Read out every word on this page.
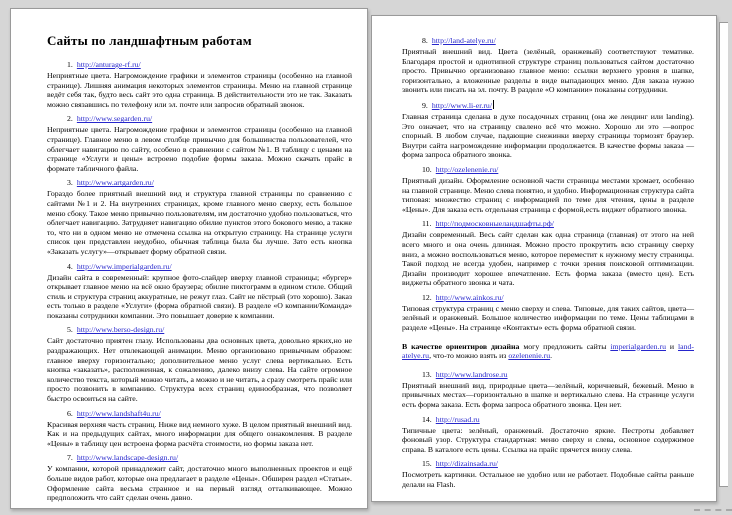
Сайты по ландшафтным работам
1. http://anturage-rf.ru/
Неприятные цвета. Нагромождение графики и элементов страницы (особенно на главной странице). Лишняя анимация некоторых элементов страницы. Меню на главной странице ведёт себя так, будто весь сайт это одна страница. В действительности это не так. Заказать можно связавшись по телефону или эл. почте или запросив обратный звонок.
2. http://www.segarden.ru/
Неприятные цвета. Нагромождение графики и элементов страницы (особенно на главной странице). Главное меню в левом столбце привычно для большинства пользователей, что облегчает навигацию по сайту, особено в сравнении с сайтом №1. В таблицу с ценами на странице «Услуги и цены» встроено подобие формы заказа. Можно скачать прайс в формате табличного файла.
3. http://www.artgarden.ru/
Гораздо более приятный внешний вид и структура главной страницы по сравнению с сайтами №1 и 2. На внутренних страницах, кроме главного меню сверху, есть большое меню сбоку. Такое меню привычно пользователям, им достаточно удобно пользоваться, что облегчает навигацию. Затрудняет навигацию обилие пунктов этого бокового меню, а также то, что ни в одном меню не отмечена ссылка на открытую страницу. На странице услуги список цен представлен неудобно, обычная таблица была бы лучше. Зато есть кнопка «Заказать услугу»—открывает форму обратной связи.
4. http://www.imperialgarden.ru/
Дизайн сайта в современный: крупное фото-слайдер вверху главной страницы; «бургер» открывает главное меню на всё окно браузера; обилие пиктограмм в едином стиле. Общий стиль и структура страниц аккуратные, не режут глаз. Сайт не пёстрый (это хорошо). Заказ есть только в разделе «Услуги» (форма обратной связи). В разделе «О компании/Команда» показаны сотрудники компании. Это повышает доверие к компании.
5. http://www.berso-design.ru/
Сайт достаточно приятен глазу. Использованы два основных цвета, довольно ярких,но не раздражающих. Нет отвлекающей анимации. Меню организовано привычным образом: главное вверху горизонтально; дополнительное меню услуг слева вертикально. Есть кнопка «заказать», расположенная, к сожалению, далеко внизу слева. На сайте огромное количество текста, который можно читать, а можно и не читать, а сразу смотреть прайс или просто позвонить в компанию. Структура всех страниц единообразная, что позволяет быстро освоиться на сайте.
6. http://www.landshaft4u.ru/
Красивая верхняя часть страниц. Ниже вид немного хуже. В целом приятный внешний вид. Как и на предыдущих сайтах, много информации для общего ознакомления. В разделе «Цены» в таблицу цен встроена форма расчёта стоимости, но формы заказа нет.
7. http://www.landscape-design.ru/
У компании, которой принадлежит сайт, достаточно много выполненных проектов и ещё больше видов работ, которые она предлагает в разделе «Цены». Обширен раздел «Статьи». Оформление сайта весьма странное и на первый взгляд отталкивающее. Можно предположить что сайт сделан очень давно.
8. http://land-atelye.ru/
Приятный внешний вид. Цвета (зелёный, оранжевый) соответствуют тематике. Благодаря простой и однотипной структуре страниц пользоваться сайтом достаточно просто. Привычно организовано главное меню: ссылки верхнего уровня в шапке, горизонтально, а вложенные разделы в виде выпадающих меню. Для заказа нужно звонить или писать на эл. почту. В разделе «О компании» показаны сотрудники.
9. http://www.li-er.ru/
Главная страница сделана в духе посадочных страниц (она же лендинг или landing). Это означает, что на страницу свалено всё что можно. Хорошо ли это —вопрос спорный. В любом случае, падающие снежинки вверху страницы тормозят браузер. Внутри сайта нагромождение информации продолжается. В качестве формы заказа — форма запроса обратного звонка.
10. http://ozelenenie.ru/
Приятный дизайн. Оформление основной части страницы местами хромает, особенно на главной странице. Меню слева понятно, и удобно. Информационная структура сайта типовая: множество страниц с информацией по теме для чтения, цены в разделе «Цены». Для заказа есть отдельная страница с формой,есть виджет обратного звонка.
11. http://подмосковныеландшафты.рф/
Дизайн современный. Весь сайт сделан как одна страница (главная) от этого на ней всего много и она очень длинная. Можно просто прокрутить всю страницу сверху вниз, а можно воспользоваться меню, которое переместит к нужному месту страницы. Такой подход не всегда удобен, например с точки зрения поисковой оптимизации. Дизайн производит хорошее впечатление. Есть форма заказа (вместо цен). Есть виджеты обратного звонка и чата.
12. http://www.ainkos.ru/
Типовая структура страниц с меню сверху и слева. Типовые, для таких сайтов, цвета—зелёный и оранжевый. Большое количество информации по теме. Цены таблицами в разделе «Цены». На странице «Контакты» есть форма обратной связи.

В качестве ориентиров дизайна могу предложить сайты imperialgarden.ru и land-atelye.ru, что-то можно взять из ozelenenie.ru.

13. http://www.landrose.ru
Приятный внешний вид, природные цвета—зелёный, коричневый, бежевый. Меню в привычных местах—горизонтально в шапке и вертикально слева. На странице услуги есть форма заказа. Есть форма запроса обратного звонка. Цен нет.
14. http://rusad.ru
Типичные цвета: зелёный, оранжевый. Достаточно яркие. Пестроты добавляет фоновый узор. Структура стандартная: меню сверху и слева, основное содержимое справа. В каталоге есть цены. Ссылка на прайс прячется внизу слева.
15. http://dizainsada.ru/
Посмотреть картинки. Остальное не удобно или не работает. Подобные сайты раньше делали на Flash.
